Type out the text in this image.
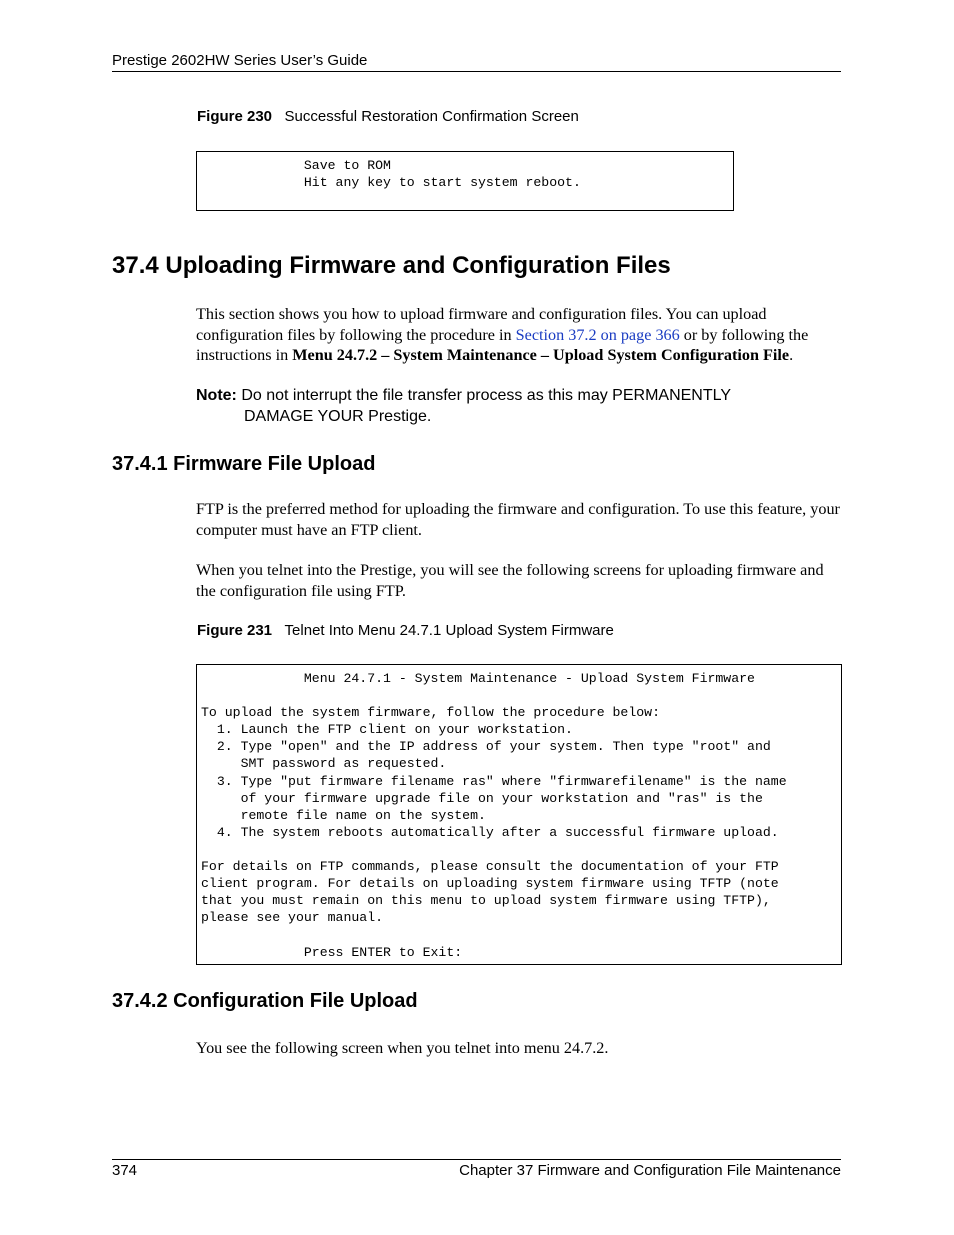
Prestige 2602HW Series User’s Guide
Figure 230 Successful Restoration Confirmation Screen
Save to ROM
Hit any key to start system reboot.
37.4 Uploading Firmware and Configuration Files
This section shows you how to upload firmware and configuration files. You can upload configuration files by following the procedure in Section 37.2 on page 366 or by following the instructions in Menu 24.7.2 – System Maintenance – Upload System Configuration File.
Note: Do not interrupt the file transfer process as this may PERMANENTLY
DAMAGE YOUR Prestige.
37.4.1 Firmware File Upload
FTP is the preferred method for uploading the firmware and configuration. To use this feature, your computer must have an FTP client.
When you telnet into the Prestige, you will see the following screens for uploading firmware and the configuration file using FTP.
Figure 231 Telnet Into Menu 24.7.1 Upload System Firmware
Menu 24.7.1 - System Maintenance - Upload System Firmware

To upload the system firmware, follow the procedure below:
1. Launch the FTP client on your workstation.
2. Type "open" and the IP address of your system. Then type "root" and
SMT password as requested.
3. Type "put firmware filename ras" where "firmwarefilename" is the name
of your firmware upgrade file on your workstation and "ras" is the
remote file name on the system.
4. The system reboots automatically after a successful firmware upload.

For details on FTP commands, please consult the documentation of your FTP
client program. For details on uploading system firmware using TFTP (note
that you must remain on this menu to upload system firmware using TFTP),
please see your manual.

Press ENTER to Exit:
37.4.2 Configuration File Upload
You see the following screen when you telnet into menu 24.7.2.
374	Chapter 37 Firmware and Configuration File Maintenance
